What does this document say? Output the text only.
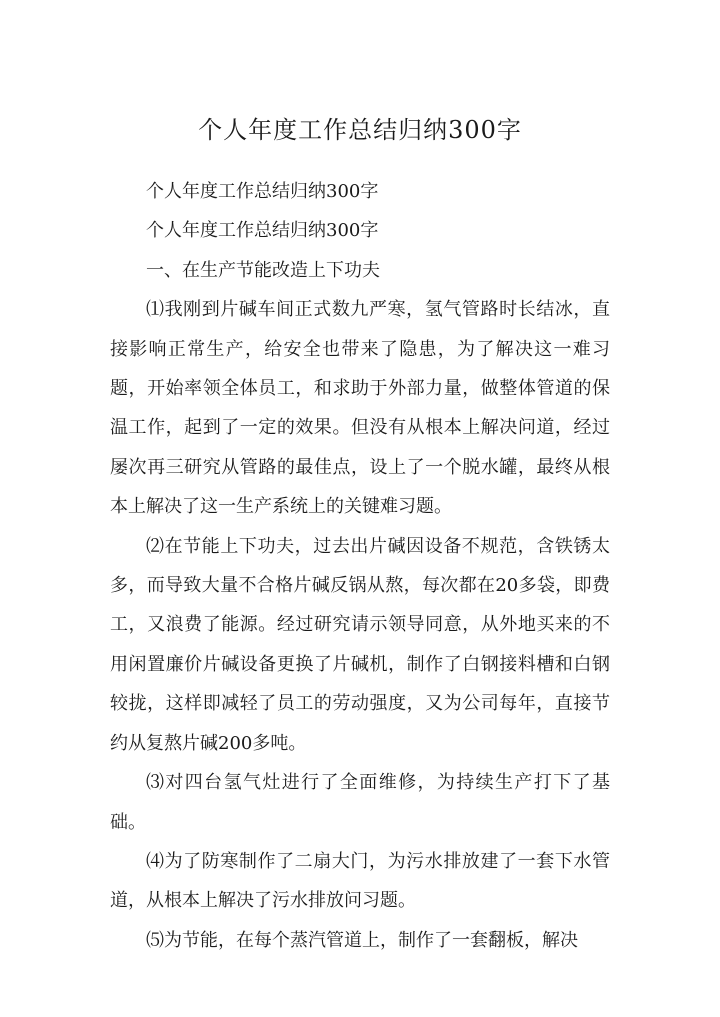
个人年度工作总结归纳300字

个人年度工作总结归纳300字

个人年度工作总结归纳300字

一、在生产节能改造上下功夫

⑴我刚到片碱车间正式数九严寒，氢气管路时长结冰，直接影响正常生产，给安全也带来了隐患，为了解决这一难习题，开始率领全体员工，和求助于外部力量，做整体管道的保温工作，起到了一定的效果。但没有从根本上解决问道，经过屡次再三研究从管路的最佳点，设上了一个脱水罐，最终从根本上解决了这一生产系统上的关键难习题。

⑵在节能上下功夫，过去出片碱因设备不规范，含铁锈太多，而导致大量不合格片碱反锅从熬，每次都在20多袋，即费工，又浪费了能源。经过研究请示领导同意，从外地买来的不用闲置廉价片碱设备更换了片碱机，制作了白钢接料槽和白钢较拢，这样即减轻了员工的劳动强度，又为公司每年，直接节约从复熬片碱200多吨。

⑶对四台氢气灶进行了全面维修，为持续生产打下了基础。

⑷为了防寒制作了二扇大门，为污水排放建了一套下水管道，从根本上解决了污水排放问习题。

⑸为节能，在每个蒸汽管道上，制作了一套翻板，解决
